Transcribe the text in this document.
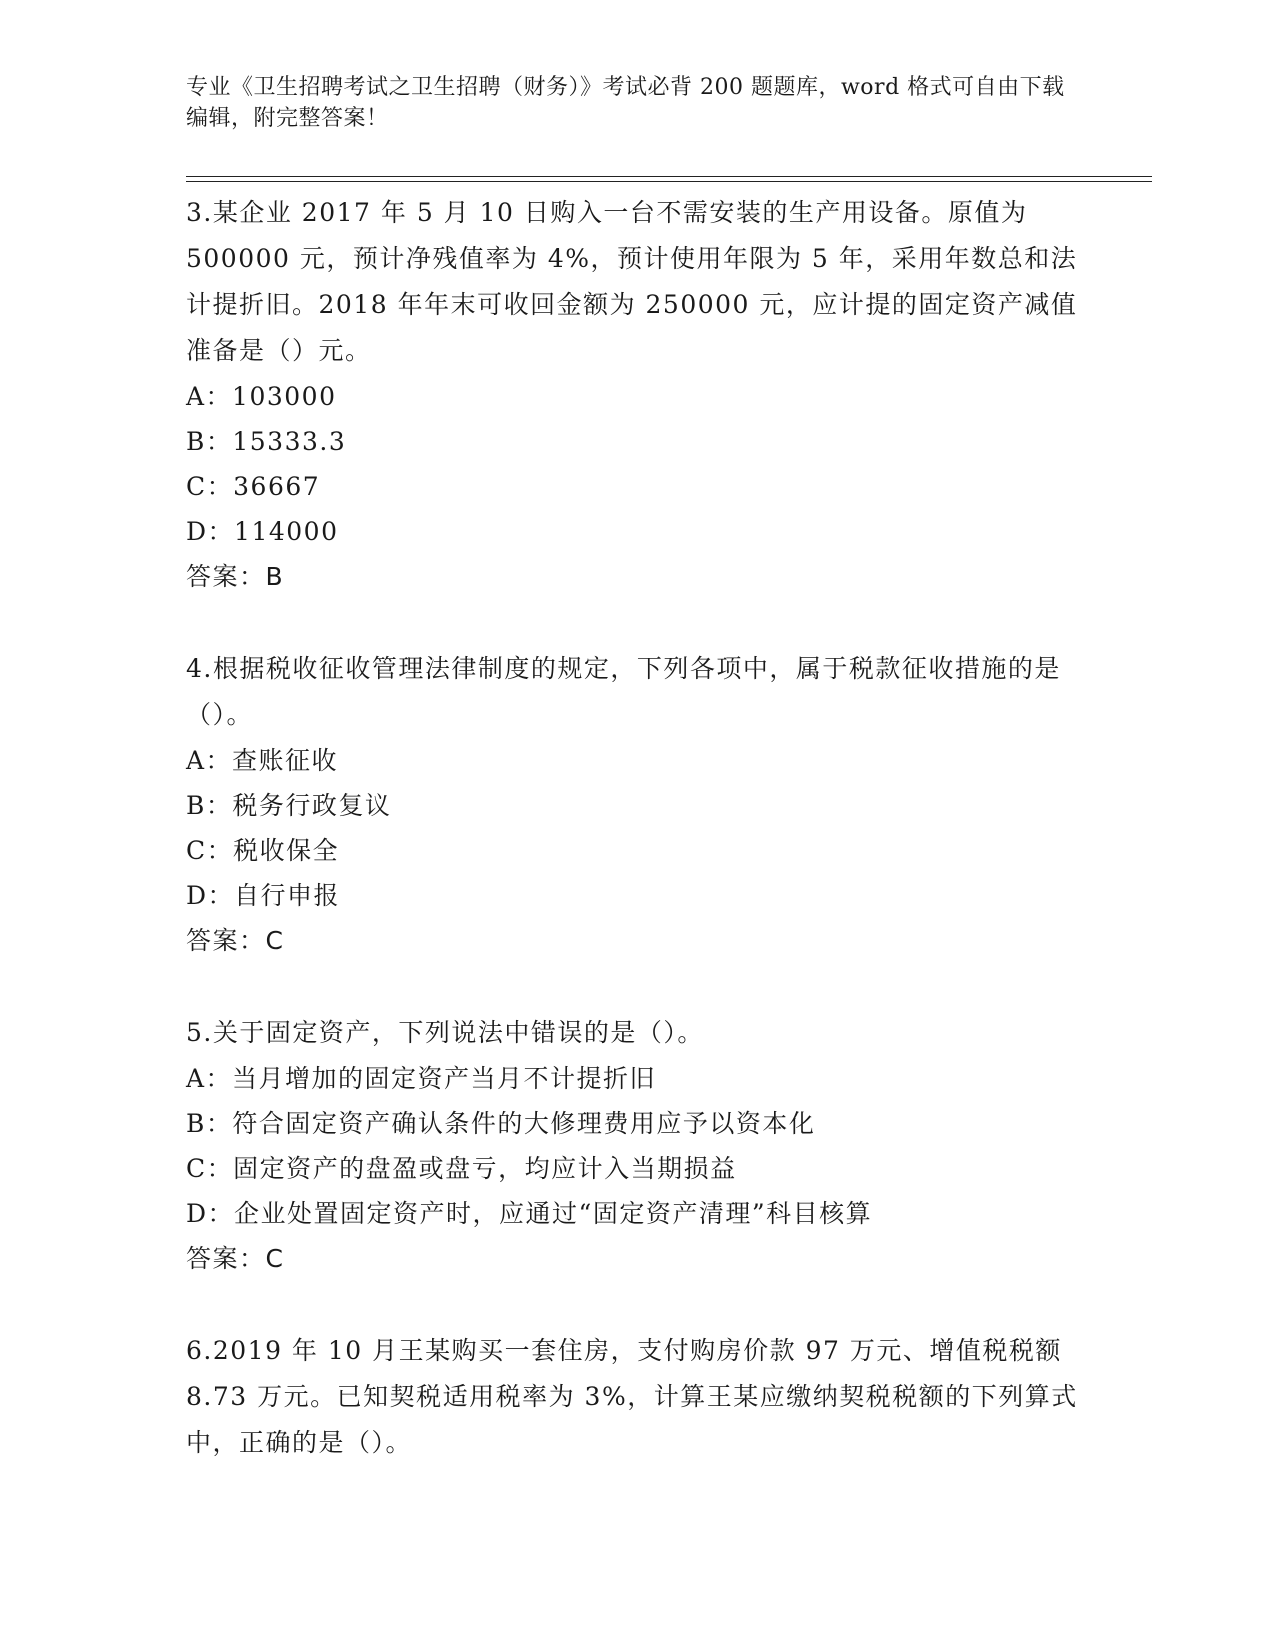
专业《卫生招聘考试之卫生招聘（财务）》考试必背 200 题题库，word 格式可自由下载编辑，附完整答案！

3.某企业 2017 年 5 月 10 日购入一台不需安装的生产用设备。原值为 500000 元，预计净残值率为 4%，预计使用年限为 5 年，采用年数总和法计提折旧。2018 年年末可收回金额为 250000 元，应计提的固定资产减值准备是（）元。

A：103000

B：15333.3

C：36667

D：114000

答案：B

4.根据税收征收管理法律制度的规定，下列各项中，属于税款征收措施的是（）。

A：查账征收

B：税务行政复议

C：税收保全

D：自行申报

答案：C

5.关于固定资产，下列说法中错误的是（）。

A：当月增加的固定资产当月不计提折旧

B：符合固定资产确认条件的大修理费用应予以资本化

C：固定资产的盘盈或盘亏，均应计入当期损益

D：企业处置固定资产时，应通过“固定资产清理”科目核算

答案：C

6.2019 年 10 月王某购买一套住房，支付购房价款 97 万元、增值税税额 8.73 万元。已知契税适用税率为 3%，计算王某应缴纳契税税额的下列算式中，正确的是（）。
